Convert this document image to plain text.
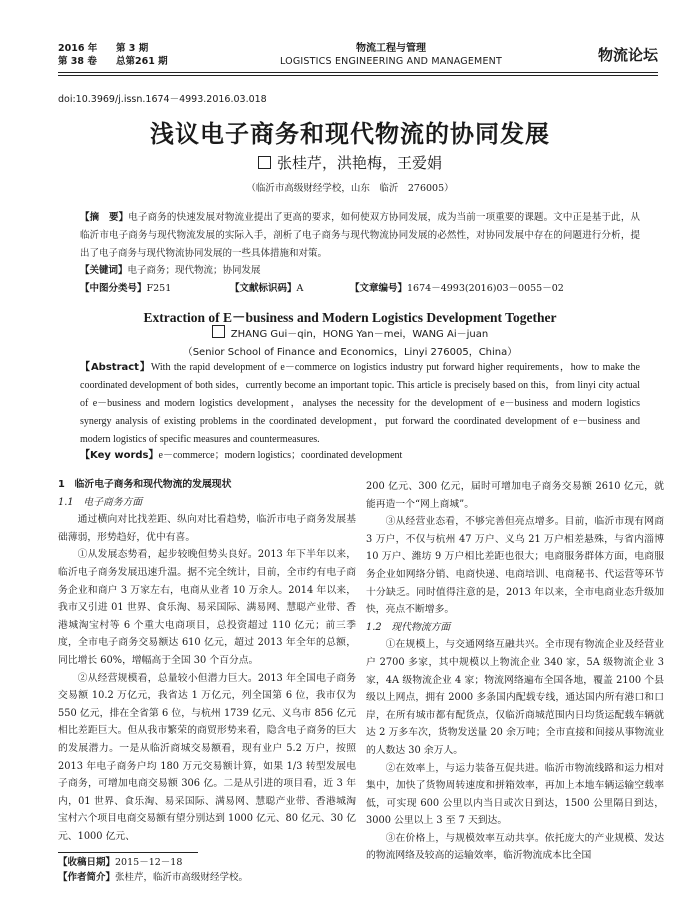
2016 年 第 3 期
第 38 卷 总第261 期
物流工程与管理
LOGISTICS ENGINEERING AND MANAGEMENT	物流论坛
doi:10.3969/j.issn.1674－4993.2016.03.018
浅议电子商务和现代物流的协同发展
张桂芹，洪艳梅，王爱娟
（临沂市高级财经学校，山东　临沂　276005）
【摘　要】电子商务的快速发展对物流业提出了更高的要求，如何使双方协同发展，成为当前一项重要的课题。文中正是基于此，从临沂市电子商务与现代物流发展的实际入手，剖析了电子商务与现代物流协同发展的必然性，对协同发展中存在的问题进行分析，提出了电子商务与现代物流协同发展的一些具体措施和对策。
【关键词】电子商务；现代物流；协同发展
【中图分类号】F251	【文献标识码】A	【文章编号】1674－4993(2016)03－0055－02
Extraction of E－business and Modern Logistics Development Together
ZHANG Gui－qin，HONG Yan－mei，WANG Ai－juan
（Senior School of Finance and Economics，Linyi 276005，China）
【Abstract】With the rapid development of e－commerce on logistics industry put forward higher requirements，how to make the coordinated development of both sides，currently become an important topic. This article is precisely based on this，from linyi city actual of e－business and modern logistics development，analyses the necessity for the development of e－business and modern logistics synergy analysis of existing problems in the coordinated development，put forward the coordinated development of e－business and modern logistics of specific measures and countermeasures.
【Key words】e－commerce；modern logistics；coordinated development
1　临沂电子商务和现代物流的发展现状
1.1　电子商务方面

通过横向对比找差距、纵向对比看趋势，临沂市电子商务发展基础薄弱，形势趋好，优中有喜。

①从发展态势看，起步较晚但势头良好。2013 年下半年以来，临沂电子商务发展迅速升温。据不完全统计，目前，全市约有电子商务企业和商户 3 万家左右，电商从业者 10 万余人。2014 年以来，我市又引进 01 世界、食乐淘、易采国际、满易网、慧聪产业带、香港城淘宝村等 6 个重大电商项目，总投资超过 110 亿元；前三季度，全市电子商务交易额达 610 亿元，超过 2013 年全年的总额，同比增长 60%，增幅高于全国 30 个百分点。

②从经营规模看，总量较小但潜力巨大。2013 年全国电子商务交易额 10.2 万亿元，我省达 1 万亿元，列全国第 6 位，我市仅为 550 亿元，排在全省第 6 位，与杭州 1739 亿元、义乌市 856 亿元相比差距巨大。但从我市繁荣的商贸形势来看，隐含电子商务的巨大的发展潜力。一是从临沂商城交易额看，现有业户 5.2 万户，按照 2013 年电子商务户均 180 万元交易额计算，如果 1/3 转型发展电子商务，可增加电商交易额 306 亿。二是从引进的项目看，近 3 年内，01 世界、食乐淘、易采国际、满易网、慧聪产业带、香港城淘宝村六个项目电商交易额有望分别达到 1000 亿元、80 亿元、30 亿元、1000 亿元、

200 亿元、300 亿元，届时可增加电子商务交易额 2610 亿元，就能再造一个“网上商城”。

③从经营业态看，不够完善但亮点增多。目前，临沂市现有网商 3 万户，不仅与杭州 47 万户、义乌 21 万户相差悬殊，与省内淄博 10 万户、潍坊 9 万户相比差距也很大；电商服务群体方面，电商服务企业如网络分销、电商快递、电商培训、电商秘书、代运营等环节十分缺乏。同时值得注意的是，2013 年以来，全市电商业态升级加快，亮点不断增多。

1.2　现代物流方面

①在规模上，与交通网络互融共兴。全市现有物流企业及经营业户 2700 多家，其中规模以上物流企业 340 家，5A 级物流企业 3 家，4A 级物流企业 4 家；物流网络遍布全国各地，覆盖 2100 个县级以上网点，拥有 2000 多条国内配载专线，通达国内所有港口和口岸，在所有城市都有配货点，仅临沂商城范围内日均货运配载车辆就达 2 万多车次，货物发送量 20 余万吨；全市直接和间接从事物流业的人数达 30 余万人。

②在效率上，与运力装备互促共进。临沂市物流线路和运力相对集中，加快了货物周转速度和拼箱效率，再加上本地车辆运输空载率低，可实现 600 公里以内当日或次日到达，1500 公里隔日到达，3000 公里以上 3 至 7 天到达。

③在价格上，与规模效率互动共享。依托庞大的产业规模、发达的物流网络及较高的运输效率，临沂物流成本比全国

【收稿日期】2015－12－18
【作者简介】张桂芹，临沂市高级财经学校。
